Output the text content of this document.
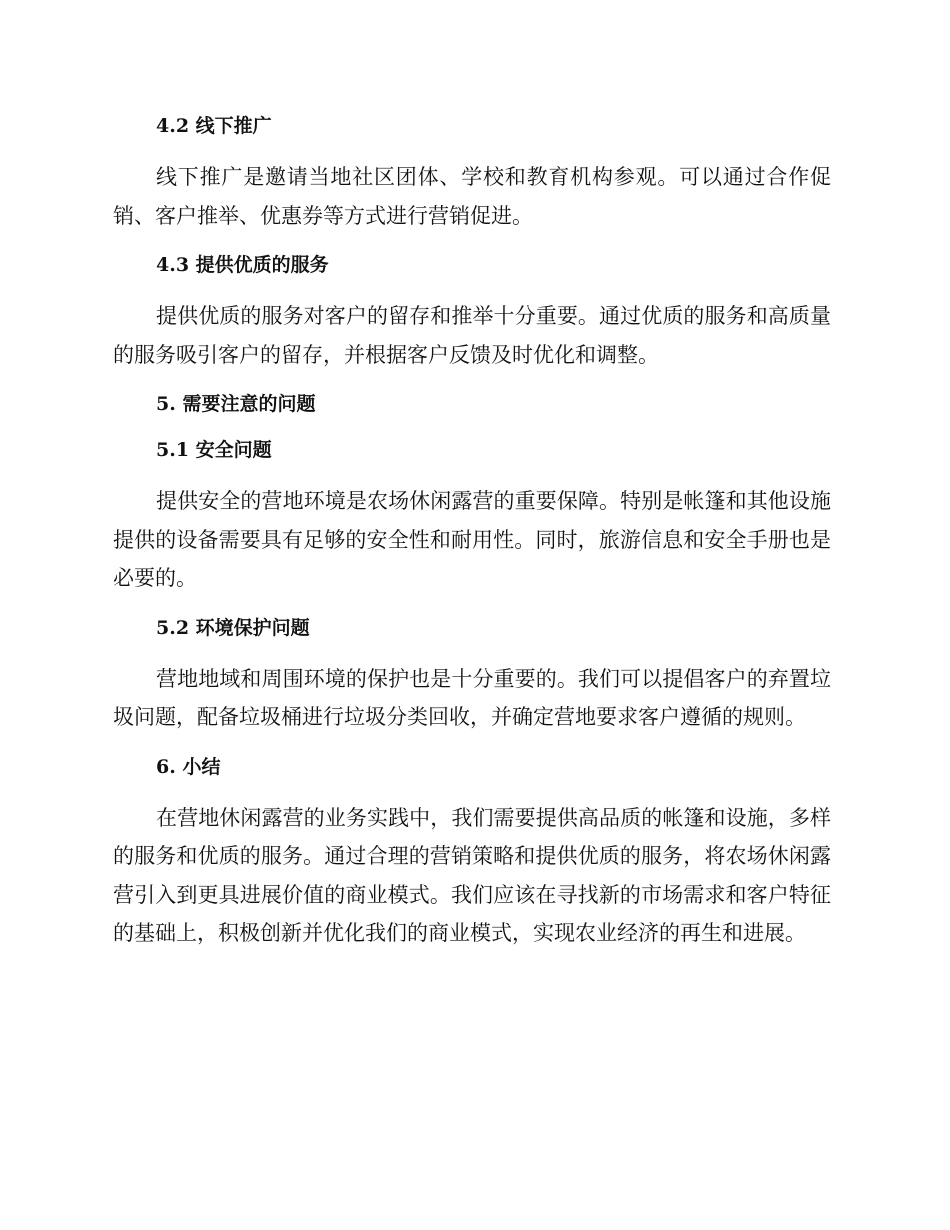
4.2 线下推广

线下推广是邀请当地社区团体、学校和教育机构参观。可以通过合作促销、客户推举、优惠券等方式进行营销促进。

4.3 提供优质的服务

提供优质的服务对客户的留存和推举十分重要。通过优质的服务和高质量的服务吸引客户的留存，并根据客户反馈及时优化和调整。

5. 需要注意的问题
5.1 安全问题

提供安全的营地环境是农场休闲露营的重要保障。特别是帐篷和其他设施提供的设备需要具有足够的安全性和耐用性。同时，旅游信息和安全手册也是必要的。

5.2 环境保护问题

营地地域和周围环境的保护也是十分重要的。我们可以提倡客户的弃置垃圾问题，配备垃圾桶进行垃圾分类回收，并确定营地要求客户遵循的规则。

6. 小结

在营地休闲露营的业务实践中，我们需要提供高品质的帐篷和设施，多样的服务和优质的服务。通过合理的营销策略和提供优质的服务，将农场休闲露营引入到更具进展价值的商业模式。我们应该在寻找新的市场需求和客户特征的基础上，积极创新并优化我们的商业模式，实现农业经济的再生和进展。
